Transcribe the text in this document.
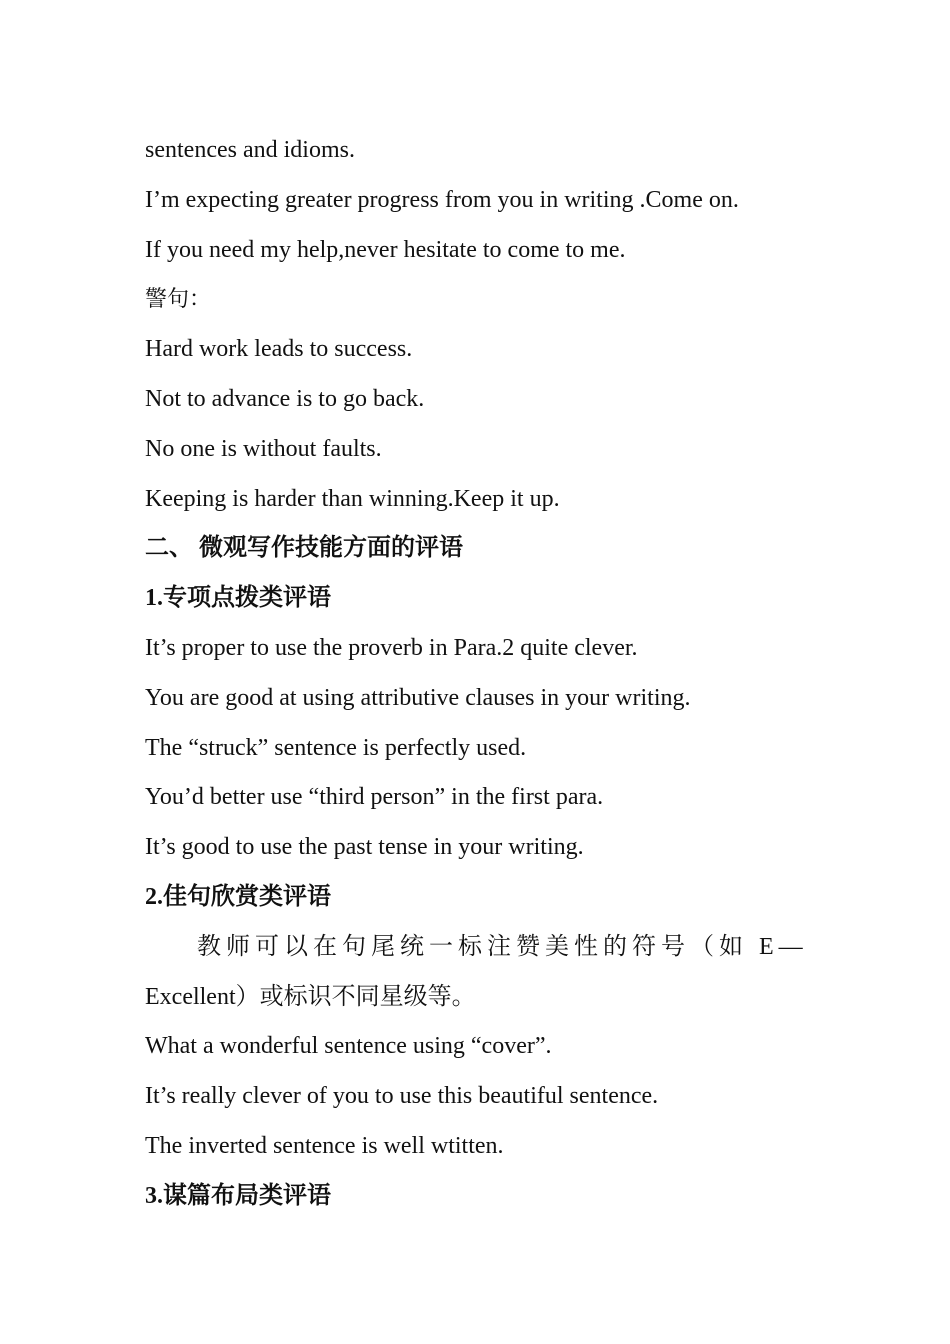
sentences and idioms.

I’m expecting greater progress from you in writing .Come on.

If you need my help,never hesitate to come to me.

警句：

Hard work leads to success.

Not to advance is to go back.

No one is without faults.

Keeping is harder than winning.Keep it up.

二、 微观写作技能方面的评语

1.专项点拨类评语

It’s proper to use the proverb in Para.2 quite clever.

You are good at using attributive clauses in your writing.

The “struck” sentence is perfectly used.

You’d better use “third person” in the first para.

It’s good to use the past tense in your writing.

2.佳句欣赏类评语

教师可以在句尾统一标注赞美性的符号（如 E—

Excellent）或标识不同星级等。

What a wonderful sentence using “cover”.

It’s really clever of you to use this beautiful sentence.

The inverted sentence is well wtitten.

3.谋篇布局类评语
